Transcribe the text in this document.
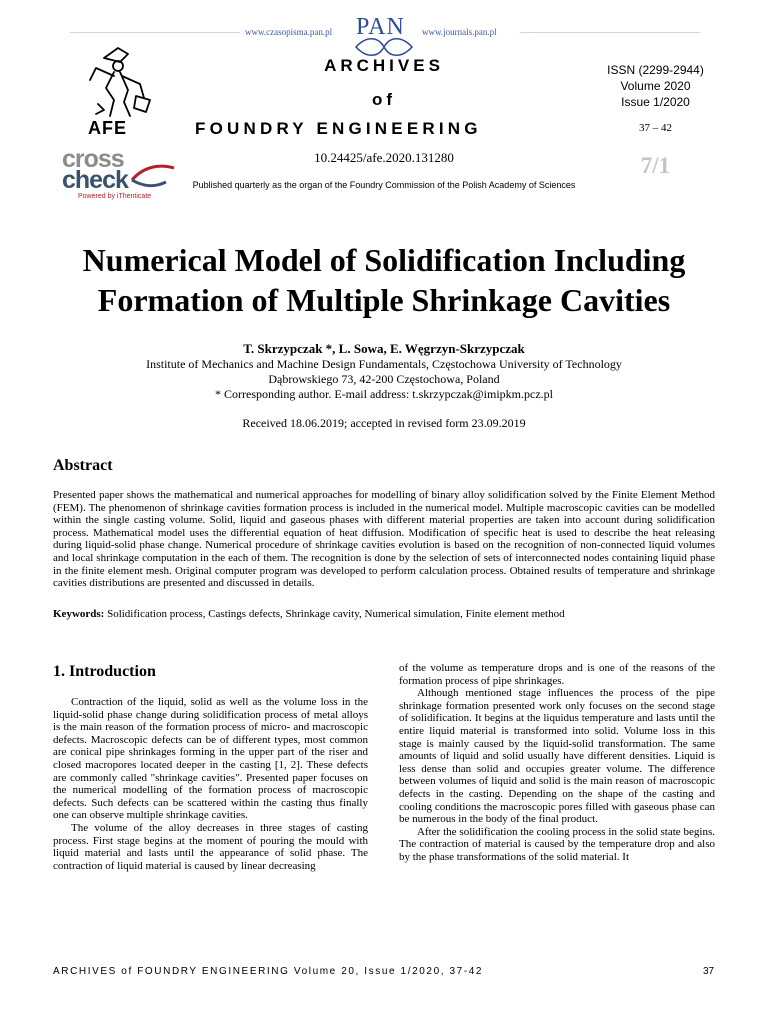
www.czasopisma.pan.pl	www.journals.pan.pl
PAN
ARCHIVES
of
FOUNDRY ENGINEERING
10.24425/afe.2020.131280
Published quarterly as the organ of the Foundry Commission of the Polish Academy of Sciences
ISSN (2299-2944)
Volume 2020
Issue 1/2020
37 – 42
7/1
AFE
cross
check
Powered by iThenticate
Numerical Model of Solidification Including
Formation of Multiple Shrinkage Cavities
T. Skrzypczak *, L. Sowa, E. Węgrzyn-Skrzypczak
Institute of Mechanics and Machine Design Fundamentals, Częstochowa University of Technology
Dąbrowskiego 73, 42-200 Częstochowa, Poland
* Corresponding author. E-mail address: t.skrzypczak@imipkm.pcz.pl
Received 18.06.2019; accepted in revised form 23.09.2019
Abstract
Presented paper shows the mathematical and numerical approaches for modelling of binary alloy solidification solved by the Finite Element Method (FEM). The phenomenon of shrinkage cavities formation process is included in the numerical model. Multiple macroscopic cavities can be modelled within the single casting volume. Solid, liquid and gaseous phases with different material properties are taken into account during solidification process. Mathematical model uses the differential equation of heat diffusion. Modification of specific heat is used to describe the heat releasing during liquid-solid phase change. Numerical procedure of shrinkage cavities evolution is based on the recognition of non-connected liquid volumes and local shrinkage computation in the each of them. The recognition is done by the selection of sets of interconnected nodes containing liquid phase in the finite element mesh. Original computer program was developed to perform calculation process. Obtained results of temperature and shrinkage cavities distributions are presented and discussed in details.
Keywords: Solidification process, Castings defects, Shrinkage cavity, Numerical simulation, Finite element method
1. Introduction

Contraction of the liquid, solid as well as the volume loss in the liquid-solid phase change during solidification process of metal alloys is the main reason of the formation process of micro- and macroscopic defects. Macroscopic defects can be of different types, most common are conical pipe shrinkages forming in the upper part of the riser and closed macropores located deeper in the casting [1, 2]. These defects are commonly called "shrinkage cavities". Presented paper focuses on the numerical modelling of the formation process of macroscopic defects. Such defects can be scattered within the casting thus finally one can observe multiple shrinkage cavities.

The volume of the alloy decreases in three stages of casting process. First stage begins at the moment of pouring the mould with liquid material and lasts until the appearance of solid phase. The contraction of liquid material is caused by linear decreasing

of the volume as temperature drops and is one of the reasons of the formation process of pipe shrinkages.

Although mentioned stage influences the process of the pipe shrinkage formation presented work only focuses on the second stage of solidification. It begins at the liquidus temperature and lasts until the entire liquid material is transformed into solid. Volume loss in this stage is mainly caused by the liquid-solid transformation. The same amounts of liquid and solid usually have different densities. Liquid is less dense than solid and occupies greater volume. The difference between volumes of liquid and solid is the main reason of macroscopic defects in the casting. Depending on the shape of the casting and cooling conditions the macroscopic pores filled with gaseous phase can be numerous in the body of the final product.

After the solidification the cooling process in the solid state begins. The contraction of material is caused by the temperature drop and also by the phase transformations of the solid material. It

ARCHIVES of FOUNDRY ENGINEERING Volume 20, Issue 1/2020, 37-42	37
